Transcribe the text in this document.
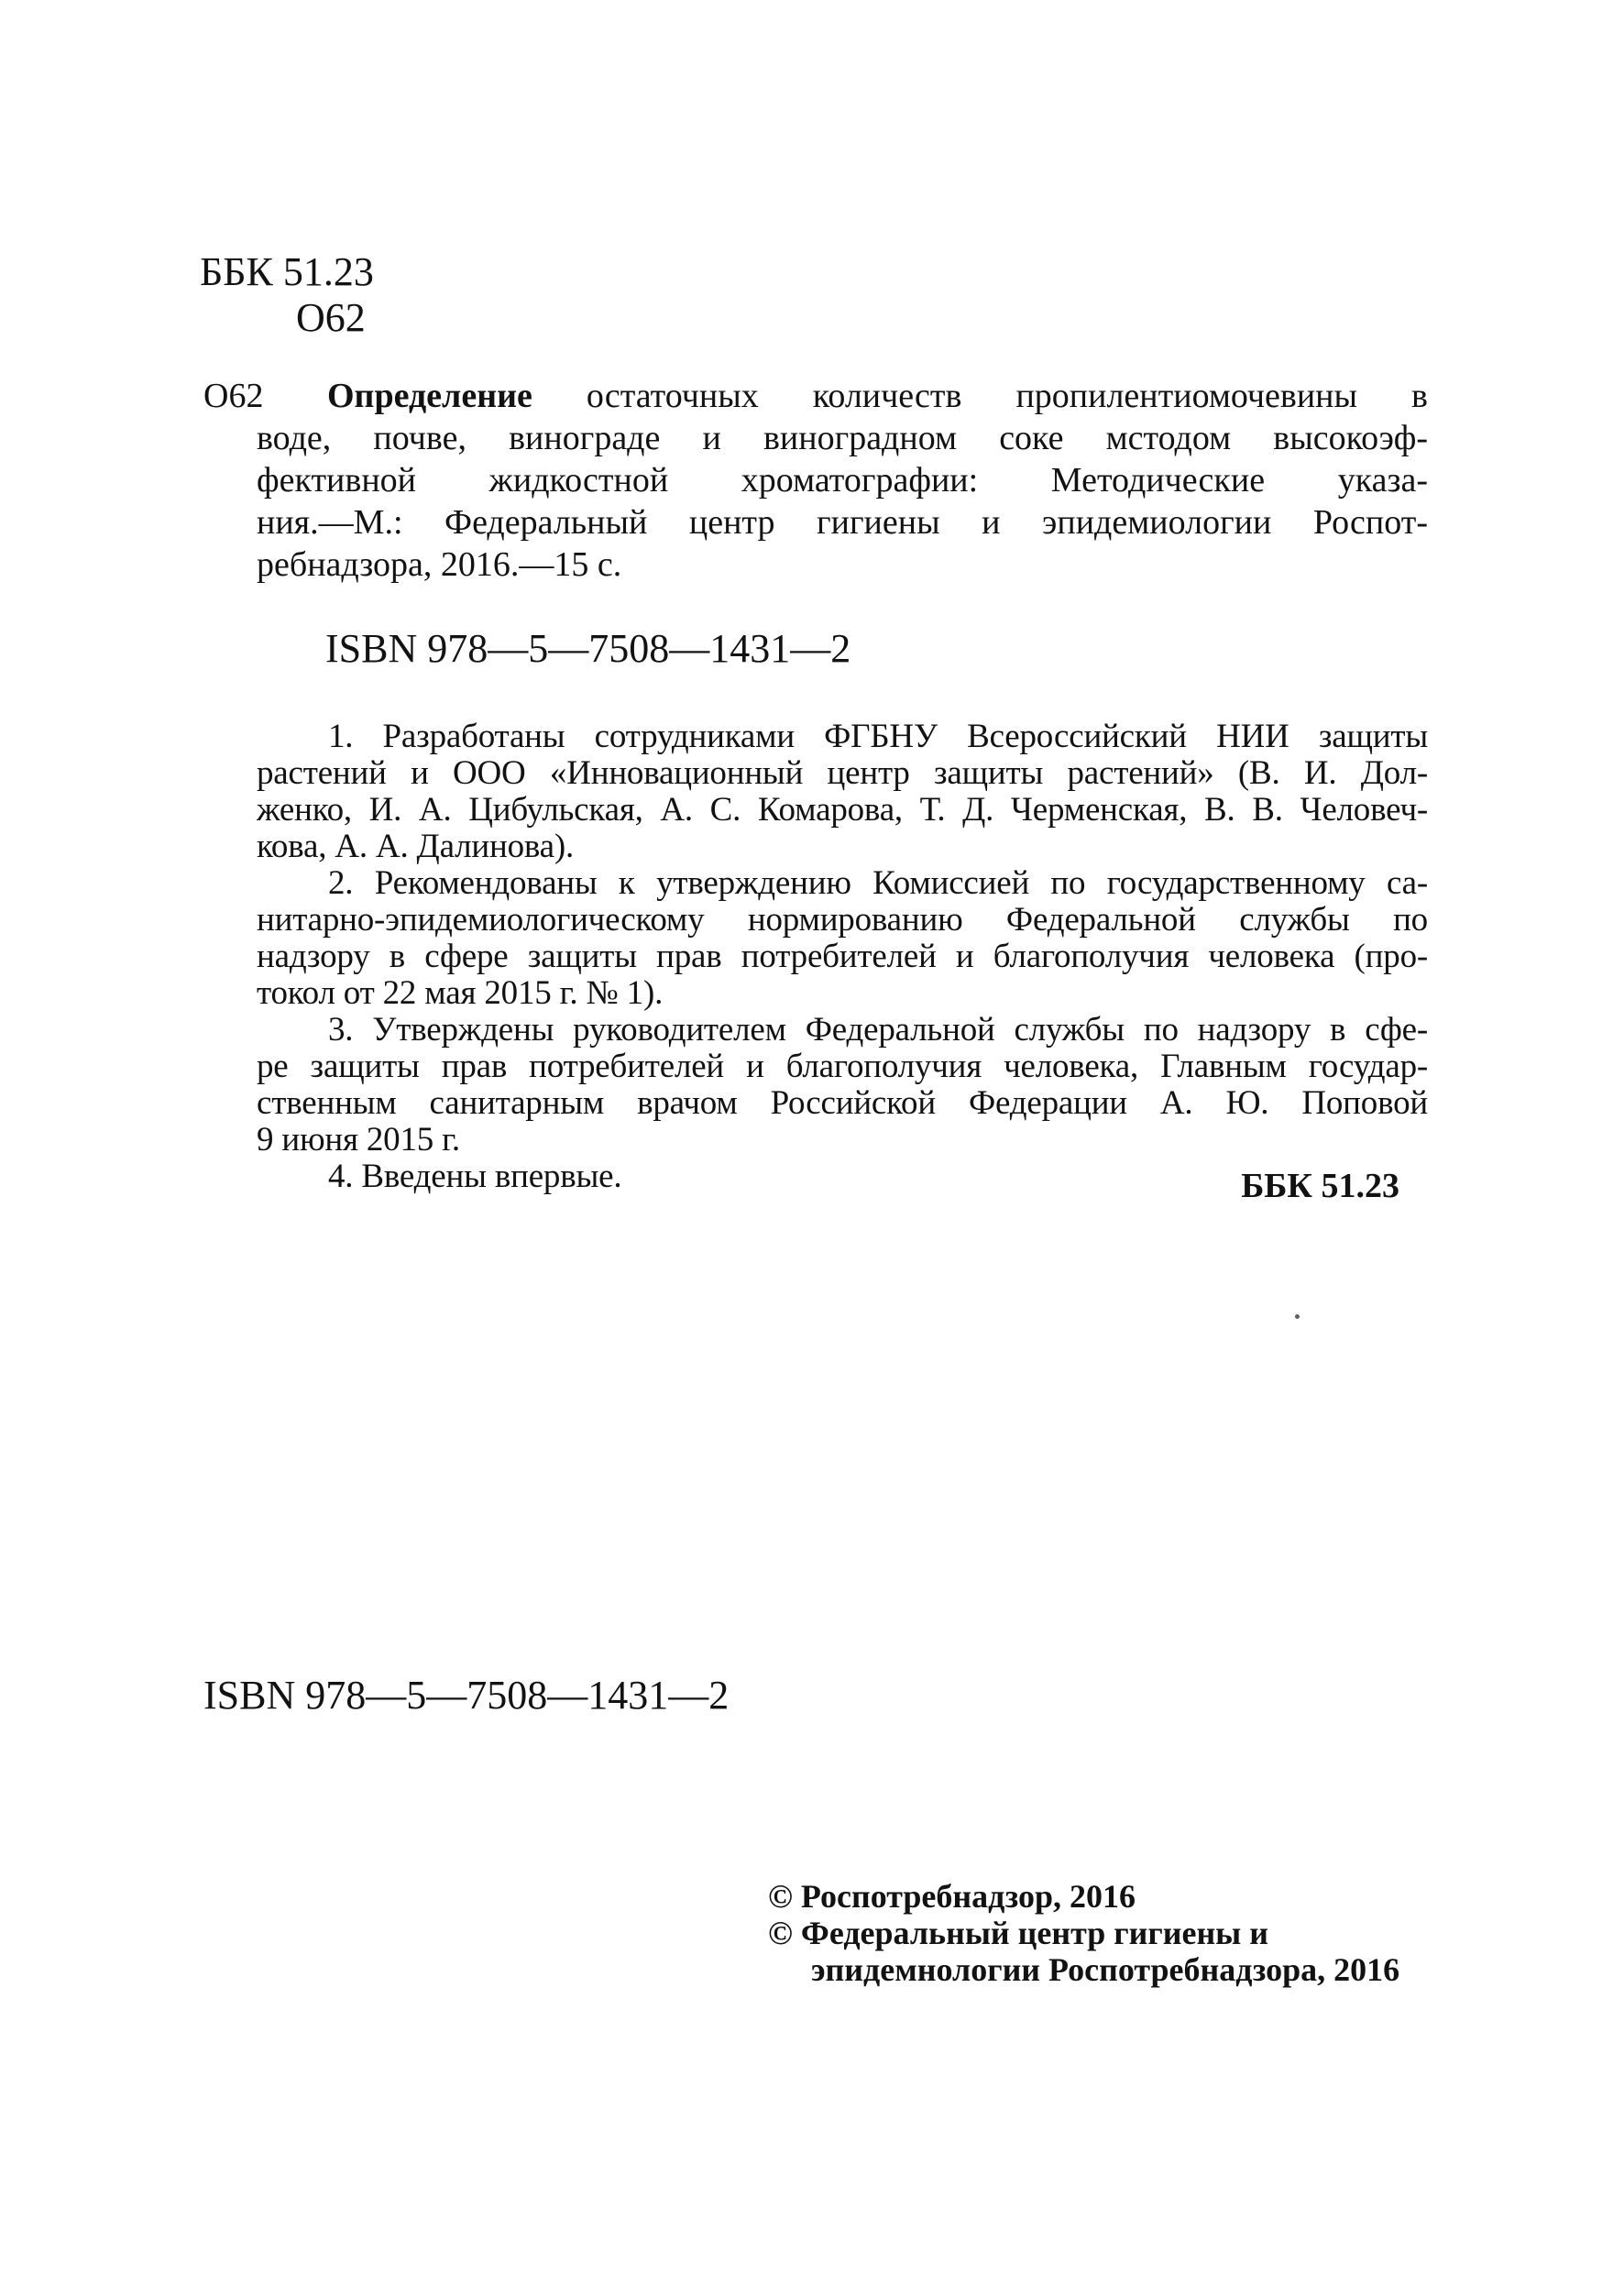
ББК 51.23
О62
О62	Определение остаточных количеств пропилентиомочевины в
воде, почве, винограде и виноградном соке мстодом высокоэф-
фективной жидкостной хроматографии: Методические указа-
ния.—М.: Федеральный центр гигиены и эпидемиологии Роспот-
ребнадзора, 2016.—15 с.
ISBN 978—5—7508—1431—2
1. Разработаны сотрудниками ФГБНУ Всероссийский НИИ защиты
растений и ООО «Инновационный центр защиты растений» (В. И. Дол-
женко, И. А. Цибульская, А. С. Комарова, Т. Д. Черменская, В. В. Человеч-
кова, А. А. Далинова).
2. Рекомендованы к утверждению Комиссией по государственному са-
нитарно-эпидемиологическому нормированию Федеральной службы по
надзору в сфере защиты прав потребителей и благополучия человека (про-
токол от 22 мая 2015 г. № 1).
3. Утверждены руководителем Федеральной службы по надзору в сфе-
ре защиты прав потребителей и благополучия человека, Главным государ-
ственным санитарным врачом Российской Федерации А. Ю. Поповой
9 июня 2015 г.
4. Введены впервые.	ББК 51.23
ISBN 978—5—7508—1431—2
© Роспотребнадзор, 2016
© Федеральный центр гигиены и
эпидемнологии Роспотребнадзора, 2016
